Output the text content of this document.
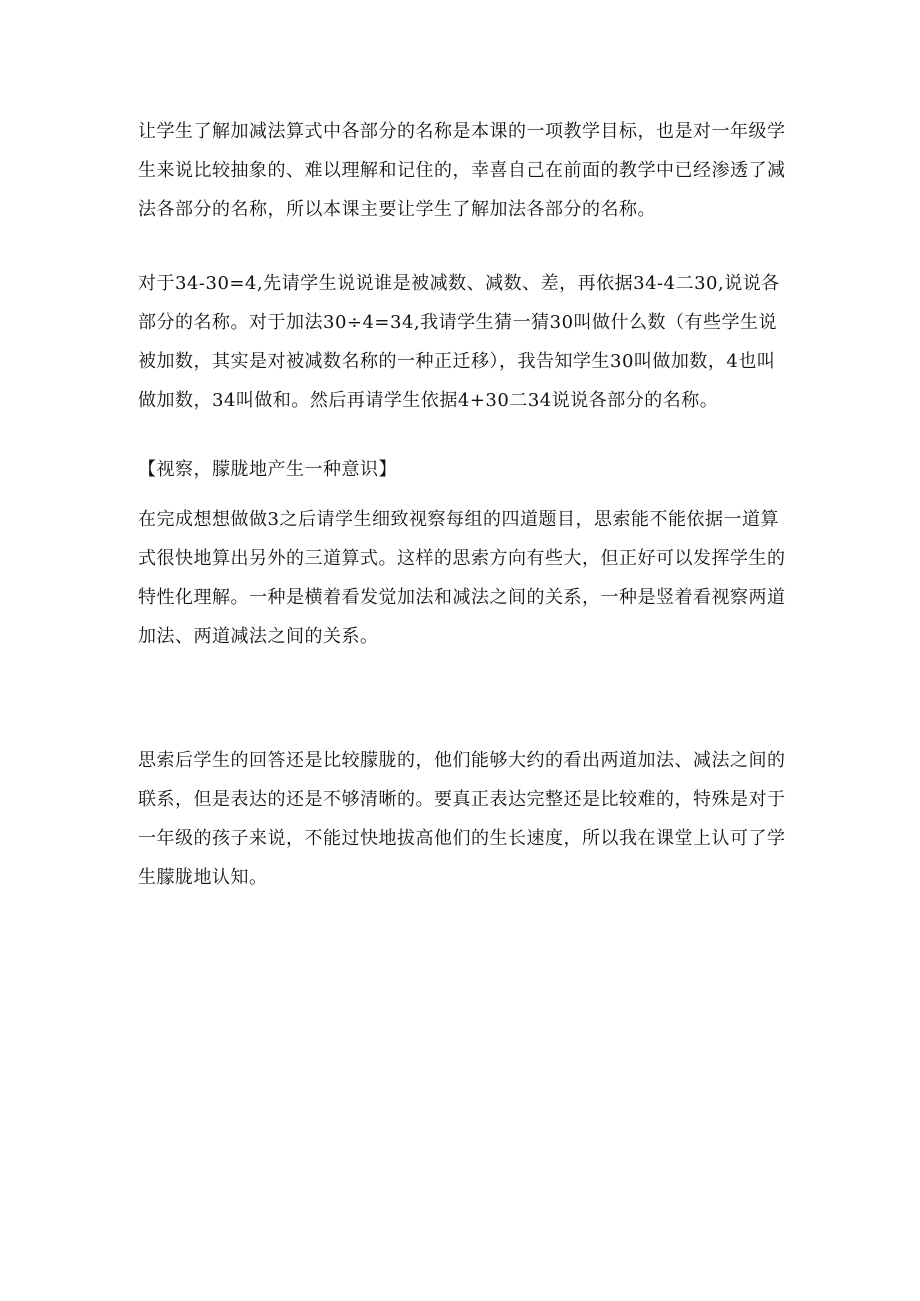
让学生了解加减法算式中各部分的名称是本课的一项教学目标，也是对一年级学生来说比较抽象的、难以理解和记住的，幸喜自己在前面的教学中已经渗透了减法各部分的名称，所以本课主要让学生了解加法各部分的名称。
对于34-30=4,先请学生说说谁是被减数、减数、差，再依据34-4二30,说说各部分的名称。对于加法30÷4=34,我请学生猜一猜30叫做什么数（有些学生说被加数，其实是对被减数名称的一种正迁移），我告知学生30叫做加数，4也叫做加数，34叫做和。然后再请学生依据4+30二34说说各部分的名称。
【视察，朦胧地产生一种意识】
在完成想想做做3之后请学生细致视察每组的四道题目，思索能不能依据一道算式很快地算出另外的三道算式。这样的思索方向有些大，但正好可以发挥学生的特性化理解。一种是横着看发觉加法和减法之间的关系，一种是竖着看视察两道加法、两道减法之间的关系。
思索后学生的回答还是比较朦胧的，他们能够大约的看出两道加法、减法之间的联系，但是表达的还是不够清晰的。要真正表达完整还是比较难的，特殊是对于一年级的孩子来说，不能过快地拔高他们的生长速度，所以我在课堂上认可了学生朦胧地认知。
